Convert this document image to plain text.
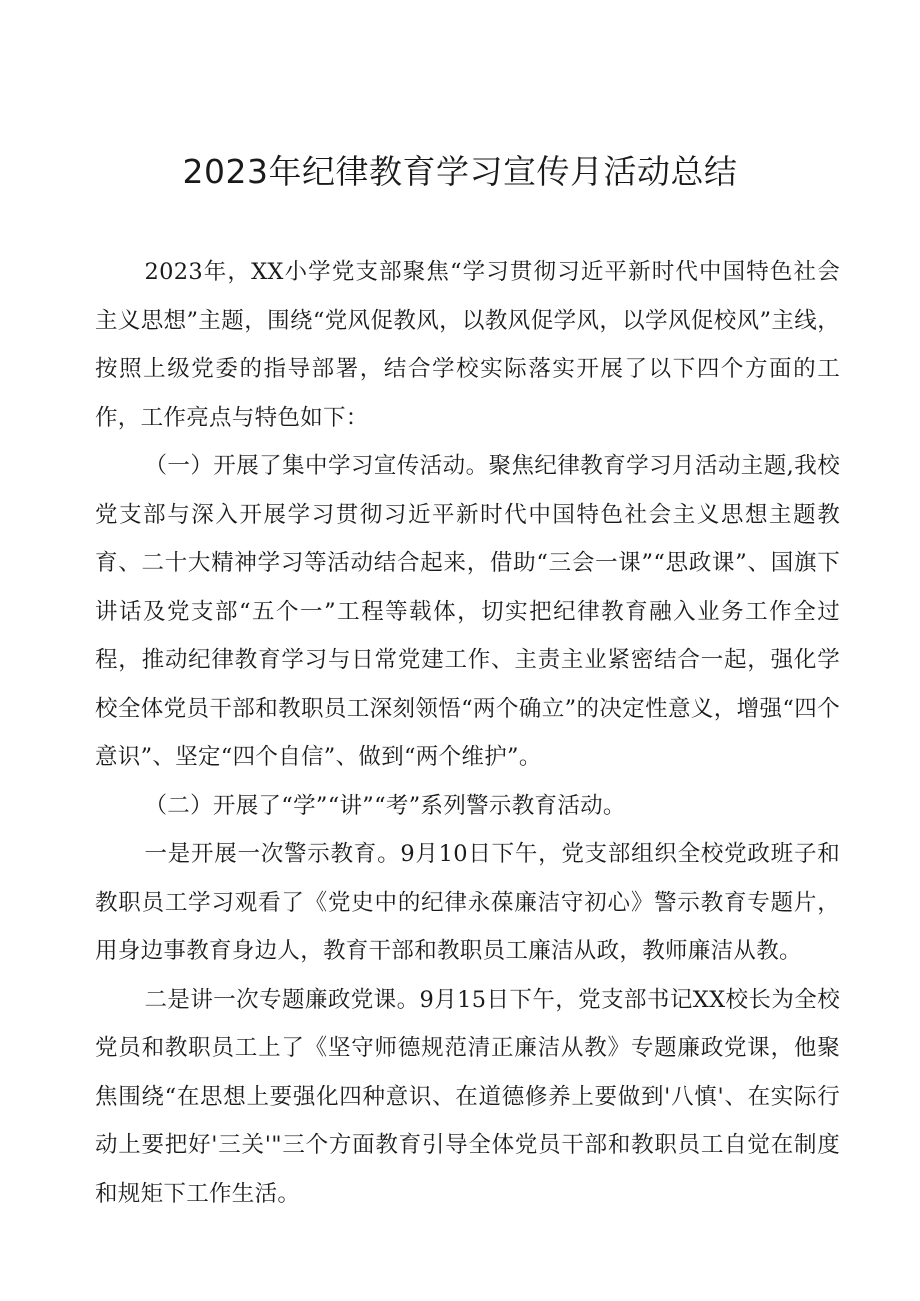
2023年纪律教育学习宣传月活动总结

2023年，XX小学党支部聚焦“学习贯彻习近平新时代中国特色社会主义思想”主题，围绕“党风促教风，以教风促学风，以学风促校风”主线，按照上级党委的指导部署，结合学校实际落实开展了以下四个方面的工作，工作亮点与特色如下：

（一）开展了集中学习宣传活动。聚焦纪律教育学习月活动主题,我校党支部与深入开展学习贯彻习近平新时代中国特色社会主义思想主题教育、二十大精神学习等活动结合起来，借助“三会一课”“思政课”、国旗下讲话及党支部“五个一”工程等载体，切实把纪律教育融入业务工作全过程，推动纪律教育学习与日常党建工作、主责主业紧密结合一起，强化学校全体党员干部和教职员工深刻领悟“两个确立”的决定性意义，增强“四个意识”、坚定“四个自信”、做到“两个维护”。

（二）开展了“学”“讲”“考”系列警示教育活动。

一是开展一次警示教育。9月10日下午，党支部组织全校党政班子和教职员工学习观看了《党史中的纪律永葆廉洁守初心》警示教育专题片，用身边事教育身边人，教育干部和教职员工廉洁从政，教师廉洁从教。

二是讲一次专题廉政党课。9月15日下午，党支部书记XX校长为全校党员和教职员工上了《坚守师德规范清正廉洁从教》专题廉政党课，他聚焦围绕“在思想上要强化四种意识、在道德修养上要做到'八慎'、在实际行动上要把好'三关'"三个方面教育引导全体党员干部和教职员工自觉在制度和规矩下工作生活。
